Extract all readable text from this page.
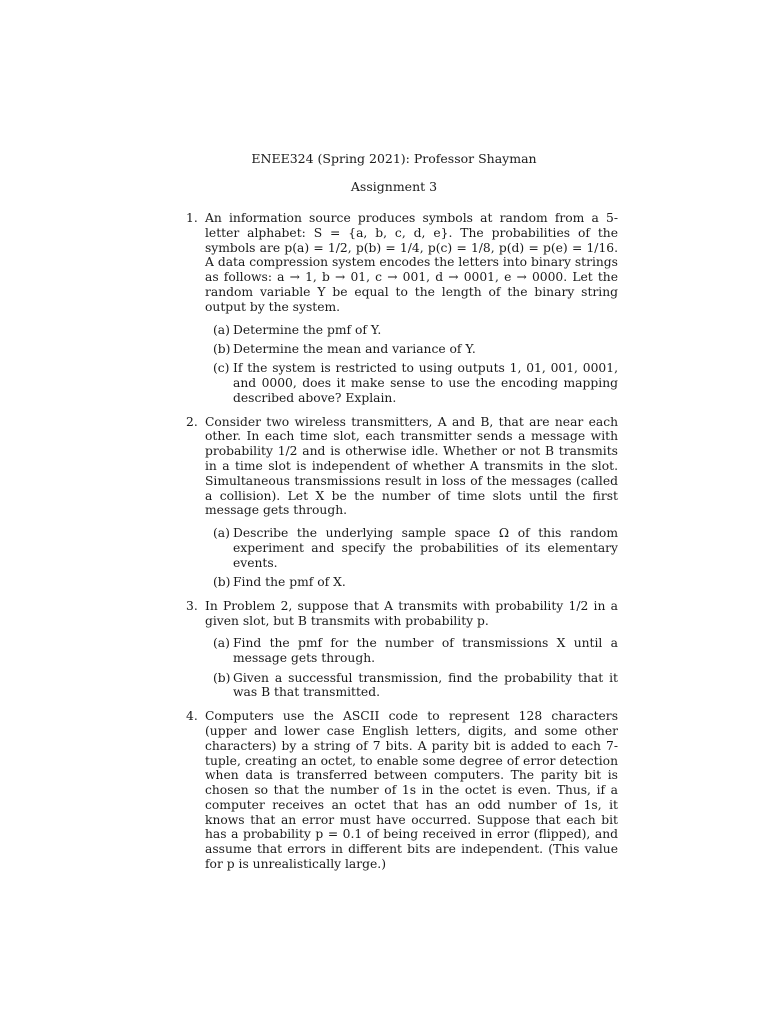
ENEE324 (Spring 2021): Professor Shayman
Assignment 3
1. An information source produces symbols at random from a 5-letter alphabet: S = {a, b, c, d, e}. The probabilities of the symbols are p(a) = 1/2, p(b) = 1/4, p(c) = 1/8, p(d) = p(e) = 1/16. A data compression system encodes the letters into binary strings as follows: a → 1, b → 01, c → 001, d → 0001, e → 0000. Let the random variable Y be equal to the length of the binary string output by the system.
(a) Determine the pmf of Y.
(b) Determine the mean and variance of Y.
(c) If the system is restricted to using outputs 1, 01, 001, 0001, and 0000, does it make sense to use the encoding mapping described above? Explain.
2. Consider two wireless transmitters, A and B, that are near each other. In each time slot, each transmitter sends a message with probability 1/2 and is otherwise idle. Whether or not B transmits in a time slot is independent of whether A transmits in the slot. Simultaneous transmissions result in loss of the messages (called a collision). Let X be the number of time slots until the first message gets through.
(a) Describe the underlying sample space Ω of this random experiment and specify the probabilities of its elementary events.
(b) Find the pmf of X.
3. In Problem 2, suppose that A transmits with probability 1/2 in a given slot, but B transmits with probability p.
(a) Find the pmf for the number of transmissions X until a message gets through.
(b) Given a successful transmission, find the probability that it was B that transmitted.
4. Computers use the ASCII code to represent 128 characters (upper and lower case English letters, digits, and some other characters) by a string of 7 bits. A parity bit is added to each 7-tuple, creating an octet, to enable some degree of error detection when data is transferred between computers. The parity bit is chosen so that the number of 1s in the octet is even. Thus, if a computer receives an octet that has an odd number of 1s, it knows that an error must have occurred. Suppose that each bit has a probability p = 0.1 of being received in error (flipped), and assume that errors in different bits are independent. (This value for p is unrealistically large.)
